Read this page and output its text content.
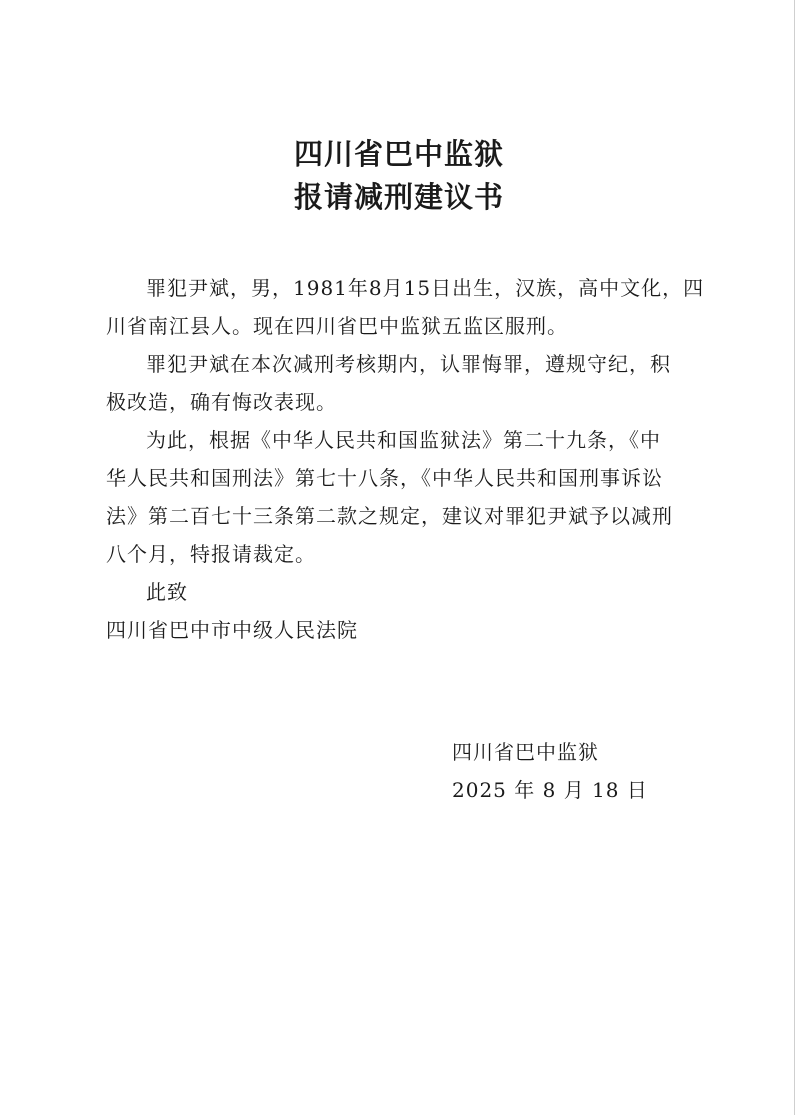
四川省巴中监狱
报请减刑建议书

罪犯尹斌，男，1981年8月15日出生，汉族，高中文化，四

川省南江县人。现在四川省巴中监狱五监区服刑。

罪犯尹斌在本次减刑考核期内，认罪悔罪，遵规守纪，积

极改造，确有悔改表现。

为此，根据《中华人民共和国监狱法》第二十九条，《中

华人民共和国刑法》第七十八条，《中华人民共和国刑事诉讼

法》第二百七十三条第二款之规定，建议对罪犯尹斌予以减刑

八个月，特报请裁定。

此致

四川省巴中市中级人民法院

四川省巴中监狱

2025 年 8 月 18 日
